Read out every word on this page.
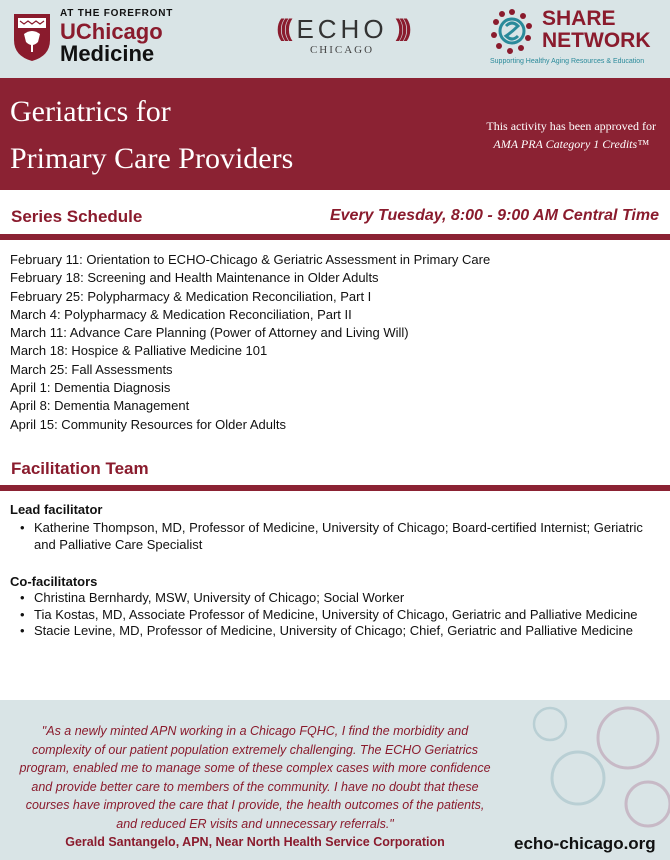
AT THE FOREFRONT
UChicago
Medicine
((( ECHO )))
CHICAGO
SHARE
NETWORK
Supporting Healthy Aging Resources & Education
Geriatrics for
Primary Care Providers
This activity has been approved for
AMA PRA Category 1 Credits™
Series Schedule	Every Tuesday, 8:00 - 9:00 AM Central Time
February 11: Orientation to ECHO-Chicago & Geriatric Assessment in Primary Care
February 18: Screening and Health Maintenance in Older Adults
February 25: Polypharmacy & Medication Reconciliation, Part I
March 4: Polypharmacy & Medication Reconciliation, Part II
March 11: Advance Care Planning (Power of Attorney and Living Will)
March 18: Hospice & Palliative Medicine 101
March 25: Fall Assessments
April 1: Dementia Diagnosis
April 8: Dementia Management
April 15: Community Resources for Older Adults
Facilitation Team
Lead facilitator
• Katherine Thompson, MD, Professor of Medicine, University of Chicago; Board-certified Internist; Geriatric and Palliative Care Specialist
Co-facilitators
• Christina Bernhardy, MSW, University of Chicago; Social Worker
• Tia Kostas, MD, Associate Professor of Medicine, University of Chicago, Geriatric and Palliative Medicine
• Stacie Levine, MD, Professor of Medicine, University of Chicago; Chief, Geriatric and Palliative Medicine
"As a newly minted APN working in a Chicago FQHC, I find the morbidity and complexity of our patient population extremely challenging. The ECHO Geriatrics program, enabled me to manage some of these complex cases with more confidence and provide better care to members of the community. I have no doubt that these courses have improved the care that I provide, the health outcomes of the patients, and reduced ER visits and unnecessary referrals."
Gerald Santangelo, APN, Near North Health Service Corporation	echo-chicago.org
